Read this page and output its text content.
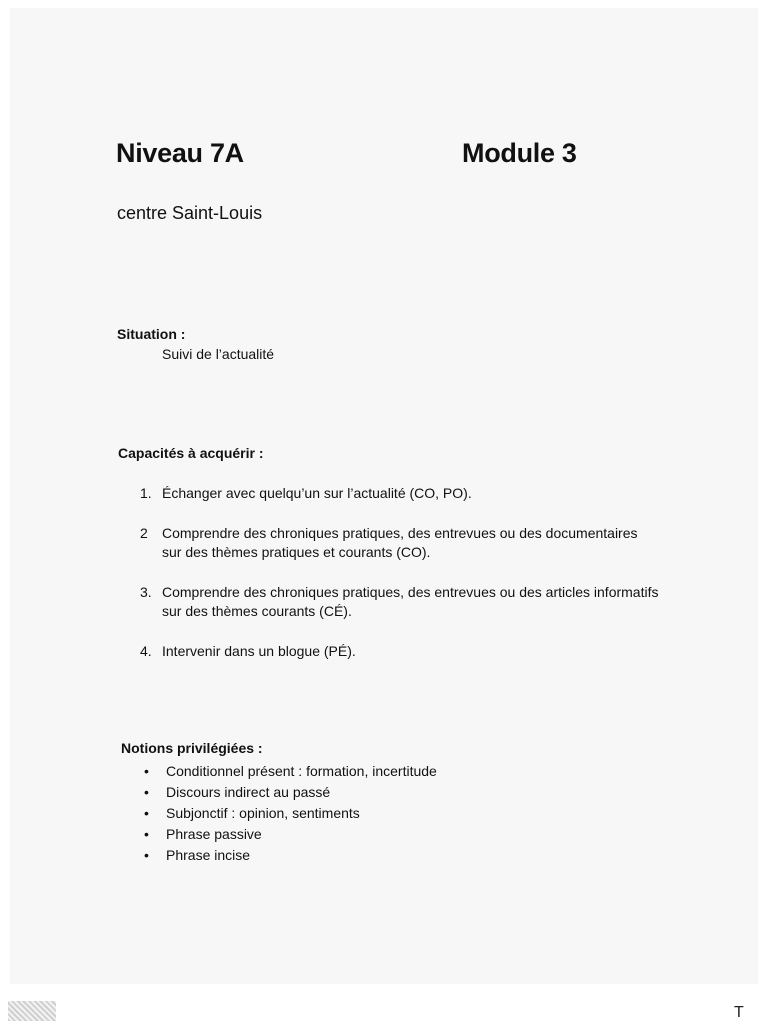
Niveau 7A	Module 3
centre Saint-Louis
Situation :
Suivi de l’actualité
Capacités à acquérir :
1. Échanger avec quelqu’un sur l’actualité (CO, PO).
2	Comprendre des chroniques pratiques, des entrevues ou des documentaires sur des thèmes pratiques et courants (CO).
3. Comprendre des chroniques pratiques, des entrevues ou des articles informatifs sur des thèmes courants (CÉ).
4. Intervenir dans un blogue (PÉ).
Notions privilégiées :
•	Conditionnel présent : formation, incertitude
•	Discours indirect au passé
•	Subjonctif : opinion, sentiments
•	Phrase passive
•	Phrase incise
T
